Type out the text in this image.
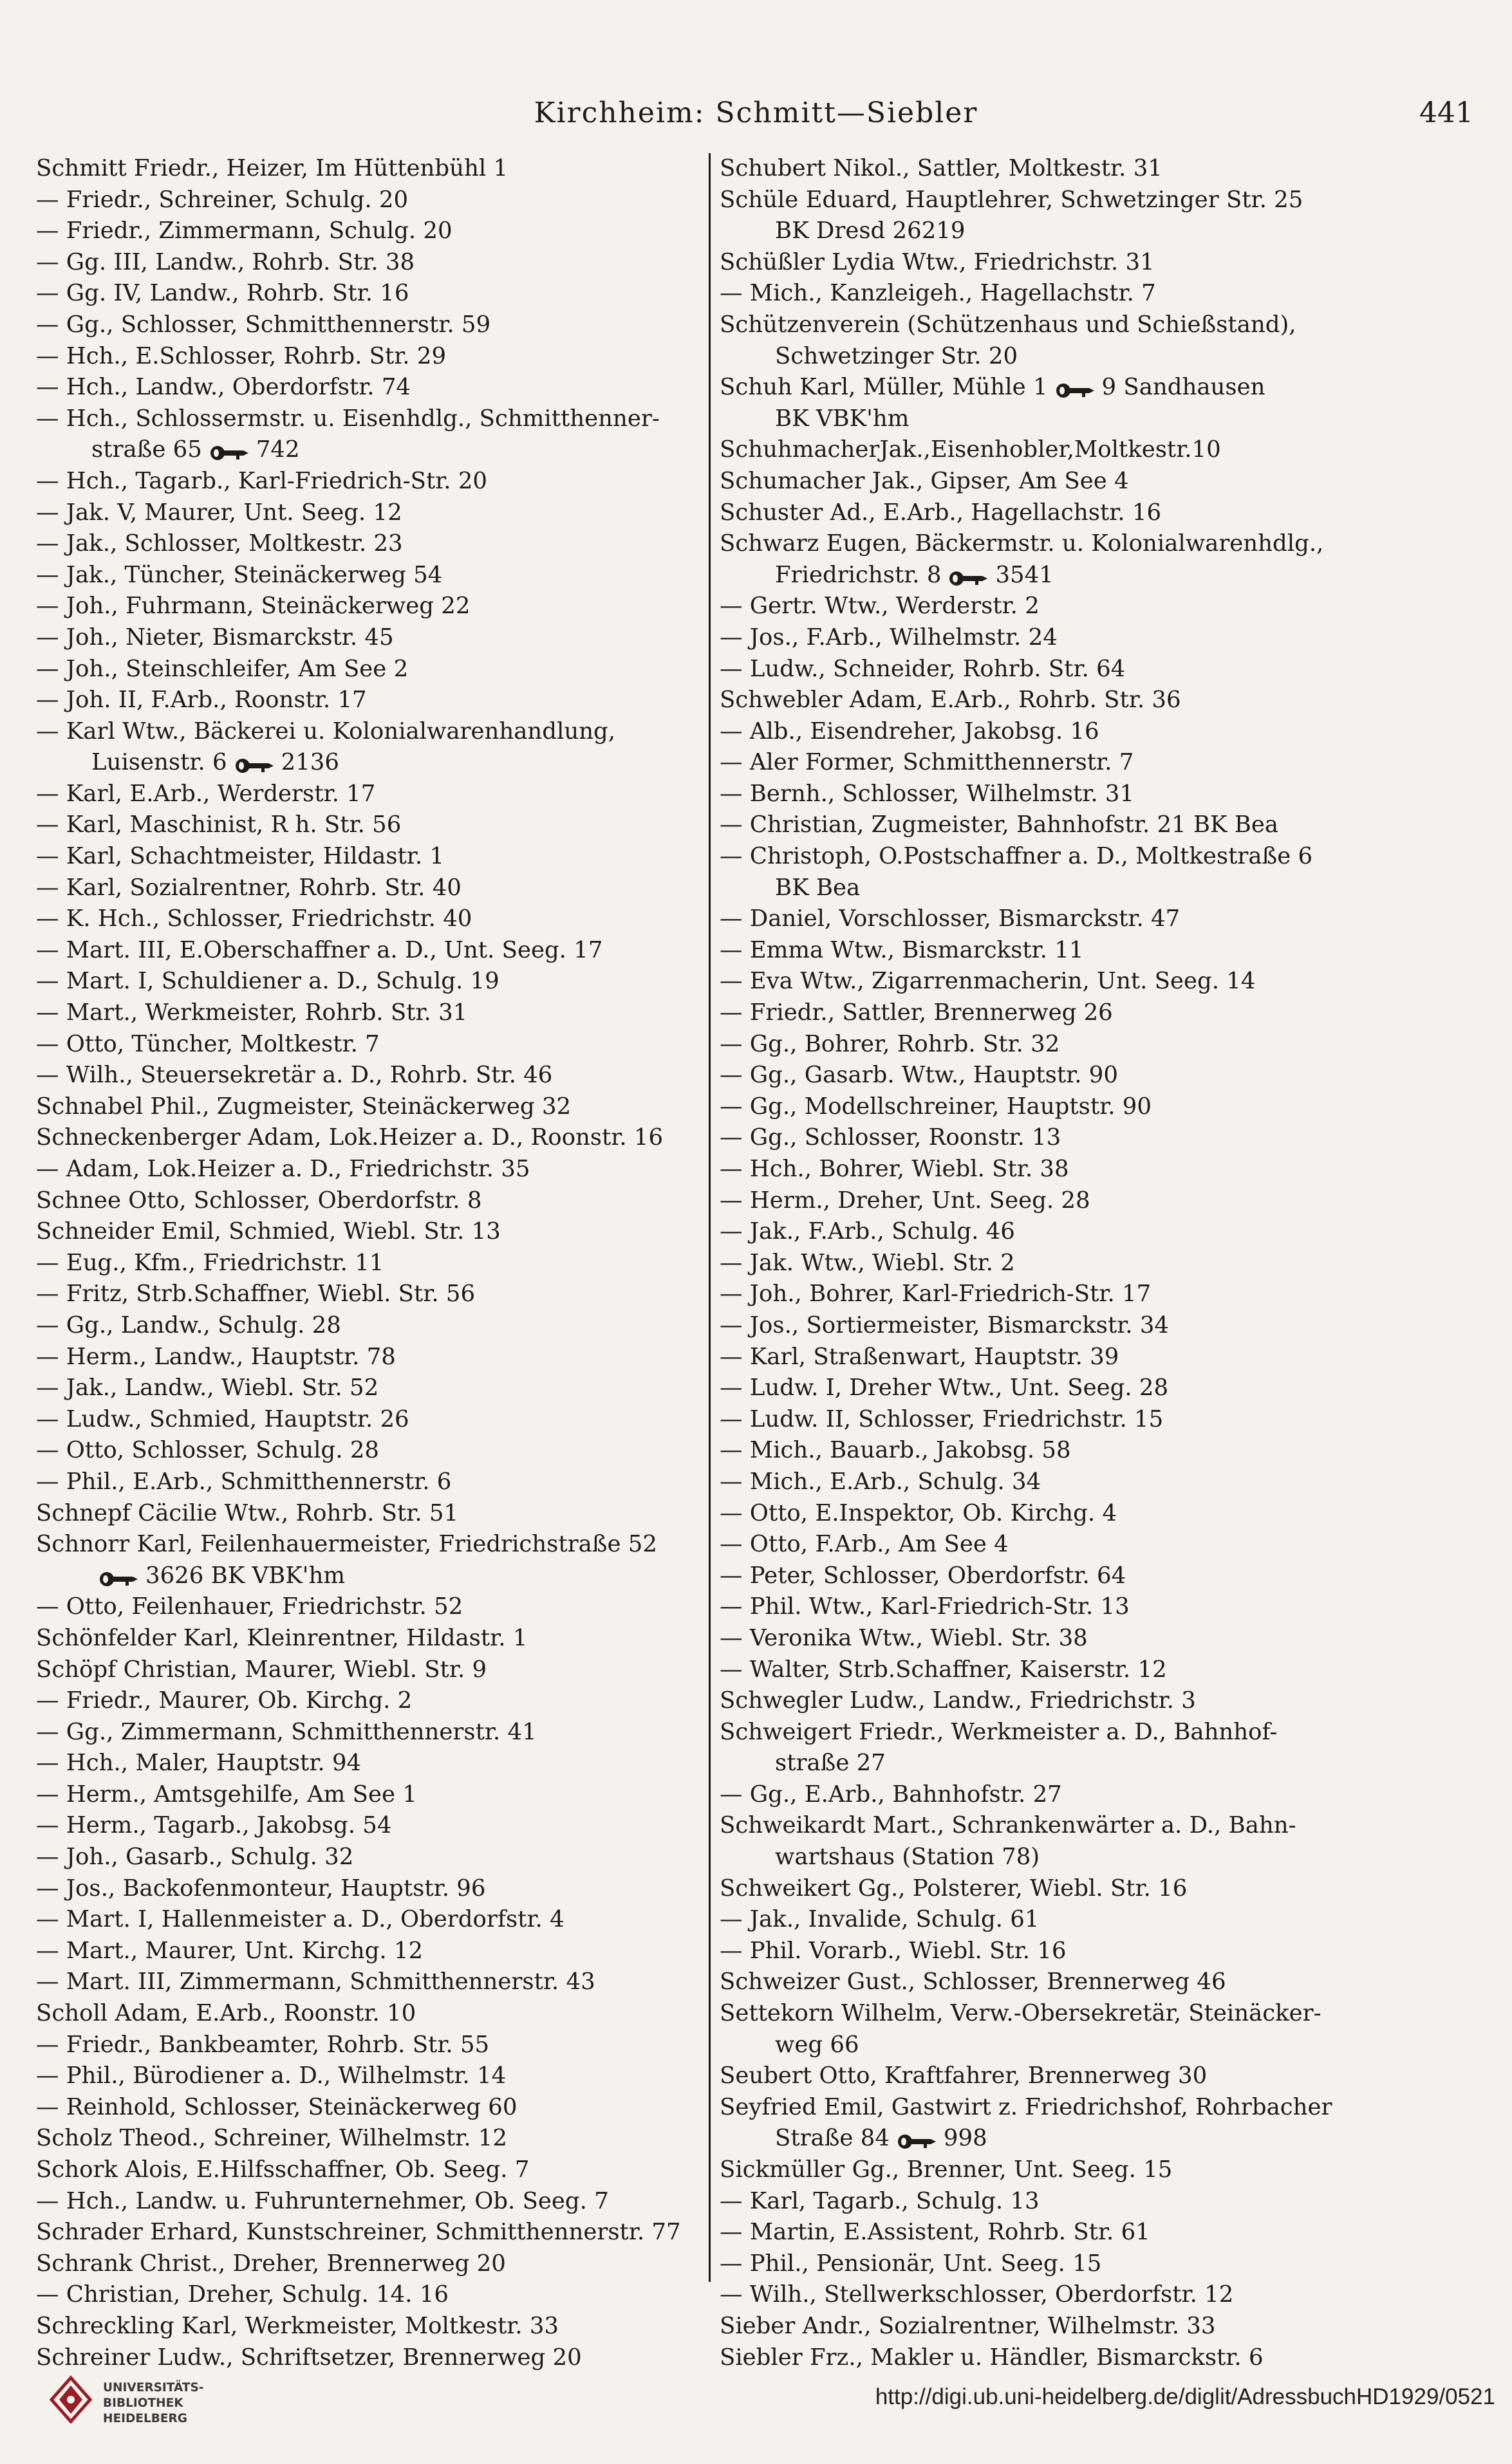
Kirchheim: Schmitt—Siebler	441
Schmitt Friedr., Heizer, Im Hüttenbühl 1
— Friedr., Schreiner, Schulg. 20
— Friedr., Zimmermann, Schulg. 20
— Gg. III, Landw., Rohrb. Str. 38
— Gg. IV, Landw., Rohrb. Str. 16
— Gg., Schlosser, Schmitthennerstr. 59
— Hch., E.Schlosser, Rohrb. Str. 29
— Hch., Landw., Oberdorfstr. 74
— Hch., Schlossermstr. u. Eisenhdlg., Schmitthenner-
straße 65 742
— Hch., Tagarb., Karl-Friedrich-Str. 20
— Jak. V, Maurer, Unt. Seeg. 12
— Jak., Schlosser, Moltkestr. 23
— Jak., Tüncher, Steinäckerweg 54
— Joh., Fuhrmann, Steinäckerweg 22
— Joh., Nieter, Bismarckstr. 45
— Joh., Steinschleifer, Am See 2
— Joh. II, F.Arb., Roonstr. 17
— Karl Wtw., Bäckerei u. Kolonialwarenhandlung,
Luisenstr. 6 2136
— Karl, E.Arb., Werderstr. 17
— Karl, Maschinist, R h. Str. 56
— Karl, Schachtmeister, Hildastr. 1
— Karl, Sozialrentner, Rohrb. Str. 40
— K. Hch., Schlosser, Friedrichstr. 40
— Mart. III, E.Oberschaffner a. D., Unt. Seeg. 17
— Mart. I, Schuldiener a. D., Schulg. 19
— Mart., Werkmeister, Rohrb. Str. 31
— Otto, Tüncher, Moltkestr. 7
— Wilh., Steuersekretär a. D., Rohrb. Str. 46
Schnabel Phil., Zugmeister, Steinäckerweg 32
Schneckenberger Adam, Lok.Heizer a. D., Roonstr. 16
— Adam, Lok.Heizer a. D., Friedrichstr. 35
Schnee Otto, Schlosser, Oberdorfstr. 8
Schneider Emil, Schmied, Wiebl. Str. 13
— Eug., Kfm., Friedrichstr. 11
— Fritz, Strb.Schaffner, Wiebl. Str. 56
— Gg., Landw., Schulg. 28
— Herm., Landw., Hauptstr. 78
— Jak., Landw., Wiebl. Str. 52
— Ludw., Schmied, Hauptstr. 26
— Otto, Schlosser, Schulg. 28
— Phil., E.Arb., Schmitthennerstr. 6
Schnepf Cäcilie Wtw., Rohrb. Str. 51
Schnorr Karl, Feilenhauermeister, Friedrichstraße 52
3626 BK VBK'hm
— Otto, Feilenhauer, Friedrichstr. 52
Schönfelder Karl, Kleinrentner, Hildastr. 1
Schöpf Christian, Maurer, Wiebl. Str. 9
— Friedr., Maurer, Ob. Kirchg. 2
— Gg., Zimmermann, Schmitthennerstr. 41
— Hch., Maler, Hauptstr. 94
— Herm., Amtsgehilfe, Am See 1
— Herm., Tagarb., Jakobsg. 54
— Joh., Gasarb., Schulg. 32
— Jos., Backofenmonteur, Hauptstr. 96
— Mart. I, Hallenmeister a. D., Oberdorfstr. 4
— Mart., Maurer, Unt. Kirchg. 12
— Mart. III, Zimmermann, Schmitthennerstr. 43
Scholl Adam, E.Arb., Roonstr. 10
— Friedr., Bankbeamter, Rohrb. Str. 55
— Phil., Bürodiener a. D., Wilhelmstr. 14
— Reinhold, Schlosser, Steinäckerweg 60
Scholz Theod., Schreiner, Wilhelmstr. 12
Schork Alois, E.Hilfsschaffner, Ob. Seeg. 7
— Hch., Landw. u. Fuhrunternehmer, Ob. Seeg. 7
Schrader Erhard, Kunstschreiner, Schmitthennerstr. 77
Schrank Christ., Dreher, Brennerweg 20
— Christian, Dreher, Schulg. 14. 16
Schreckling Karl, Werkmeister, Moltkestr. 33
Schreiner Ludw., Schriftsetzer, Brennerweg 20
Schubert Nikol., Sattler, Moltkestr. 31
Schüle Eduard, Hauptlehrer, Schwetzinger Str. 25
BK Dresd 26219
Schüßler Lydia Wtw., Friedrichstr. 31
— Mich., Kanzleigeh., Hagellachstr. 7
Schützenverein (Schützenhaus und Schießstand),
Schwetzinger Str. 20
Schuh Karl, Müller, Mühle 1 9 Sandhausen
BK VBK'hm
SchuhmacherJak.,Eisenhobler,Moltkestr.10
Schumacher Jak., Gipser, Am See 4
Schuster Ad., E.Arb., Hagellachstr. 16
Schwarz Eugen, Bäckermstr. u. Kolonialwarenhdlg.,
Friedrichstr. 8 3541
— Gertr. Wtw., Werderstr. 2
— Jos., F.Arb., Wilhelmstr. 24
— Ludw., Schneider, Rohrb. Str. 64
Schwebler Adam, E.Arb., Rohrb. Str. 36
— Alb., Eisendreher, Jakobsg. 16
— Aler Former, Schmitthennerstr. 7
— Bernh., Schlosser, Wilhelmstr. 31
— Christian, Zugmeister, Bahnhofstr. 21 BK Bea
— Christoph, O.Postschaffner a. D., Moltkestraße 6
BK Bea
— Daniel, Vorschlosser, Bismarckstr. 47
— Emma Wtw., Bismarckstr. 11
— Eva Wtw., Zigarrenmacherin, Unt. Seeg. 14
— Friedr., Sattler, Brennerweg 26
— Gg., Bohrer, Rohrb. Str. 32
— Gg., Gasarb. Wtw., Hauptstr. 90
— Gg., Modellschreiner, Hauptstr. 90
— Gg., Schlosser, Roonstr. 13
— Hch., Bohrer, Wiebl. Str. 38
— Herm., Dreher, Unt. Seeg. 28
— Jak., F.Arb., Schulg. 46
— Jak. Wtw., Wiebl. Str. 2
— Joh., Bohrer, Karl-Friedrich-Str. 17
— Jos., Sortiermeister, Bismarckstr. 34
— Karl, Straßenwart, Hauptstr. 39
— Ludw. I, Dreher Wtw., Unt. Seeg. 28
— Ludw. II, Schlosser, Friedrichstr. 15
— Mich., Bauarb., Jakobsg. 58
— Mich., E.Arb., Schulg. 34
— Otto, E.Inspektor, Ob. Kirchg. 4
— Otto, F.Arb., Am See 4
— Peter, Schlosser, Oberdorfstr. 64
— Phil. Wtw., Karl-Friedrich-Str. 13
— Veronika Wtw., Wiebl. Str. 38
— Walter, Strb.Schaffner, Kaiserstr. 12
Schwegler Ludw., Landw., Friedrichstr. 3
Schweigert Friedr., Werkmeister a. D., Bahnhof-
straße 27
— Gg., E.Arb., Bahnhofstr. 27
Schweikardt Mart., Schrankenwärter a. D., Bahn-
wartshaus (Station 78)
Schweikert Gg., Polsterer, Wiebl. Str. 16
— Jak., Invalide, Schulg. 61
— Phil. Vorarb., Wiebl. Str. 16
Schweizer Gust., Schlosser, Brennerweg 46
Settekorn Wilhelm, Verw.-Obersekretär, Steinäcker-
weg 66
Seubert Otto, Kraftfahrer, Brennerweg 30
Seyfried Emil, Gastwirt z. Friedrichshof, Rohrbacher
Straße 84 998
Sickmüller Gg., Brenner, Unt. Seeg. 15
— Karl, Tagarb., Schulg. 13
— Martin, E.Assistent, Rohrb. Str. 61
— Phil., Pensionär, Unt. Seeg. 15
— Wilh., Stellwerkschlosser, Oberdorfstr. 12
Sieber Andr., Sozialrentner, Wilhelmstr. 33
Siebler Frz., Makler u. Händler, Bismarckstr. 6
UNIVERSITÄTS-
BIBLIOTHEK
HEIDELBERG
http://digi.ub.uni-heidelberg.de/diglit/AdressbuchHD1929/0521
